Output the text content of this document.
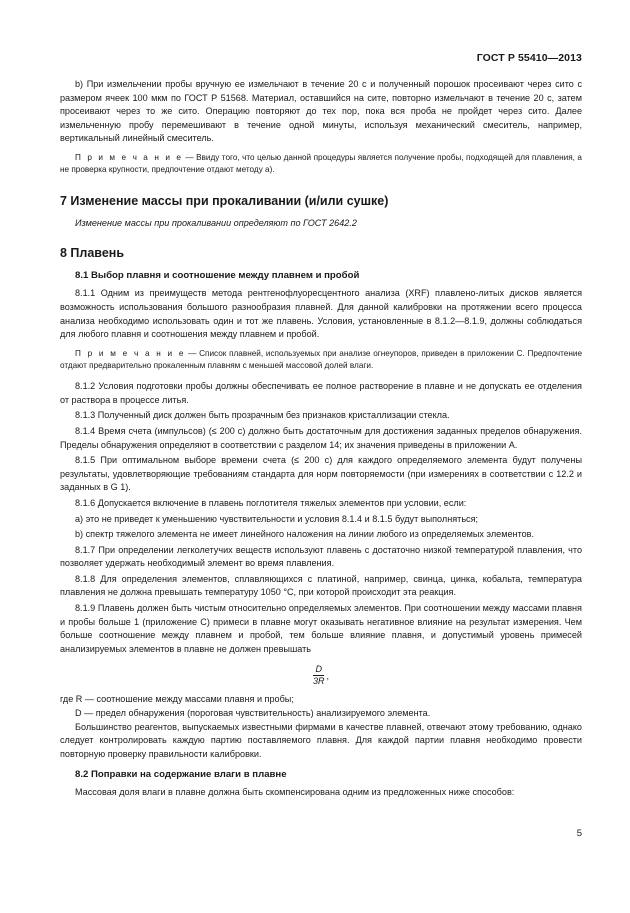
ГОСТ Р 55410—2013

b) При измельчении пробы вручную ее измельчают в течение 20 с и полученный порошок просеивают через сито с размером ячеек 100 мкм по ГОСТ Р 51568. Материал, оставшийся на сите, повторно измельчают в течение 20 с, затем просеивают через то же сито. Операцию повторяют до тех пор, пока вся проба не пройдет через сито. Далее измельченную пробу перемешивают в течение одной минуты, используя механический смеситель, например, вертикальный линейный смеситель.

П р и м е ч а н и е — Ввиду того, что целью данной процедуры является получение пробы, подходящей для плавления, а не проверка крупности, предпочтение отдают методу а).

7 Изменение массы при прокаливании (и/или сушке)

Изменение массы при прокаливании определяют по ГОСТ 2642.2

8 Плавень
8.1 Выбор плавня и соотношение между плавнем и пробой

8.1.1 Одним из преимуществ метода рентгенофлуоресцентного анализа (XRF) плавлено-литых дисков является возможность использования большого разнообразия плавней. Для данной калибровки на протяжении всего процесса анализа необходимо использовать один и тот же плавень. Условия, установленные в 8.1.2—8.1.9, должны соблюдаться для любого плавня и соотношения между плавнем и пробой.

П р и м е ч а н и е — Список плавней, используемых при анализе огнеупоров, приведен в приложении С. Предпочтение отдают предварительно прокаленным плавням с меньшей массовой долей влаги.

8.1.2 Условия подготовки пробы должны обеспечивать ее полное растворение в плавне и не допускать ее отделения от раствора в процессе литья.

8.1.3 Полученный диск должен быть прозрачным без признаков кристаллизации стекла.

8.1.4 Время счета (импульсов) (≤ 200 с) должно быть достаточным для достижения заданных пределов обнаружения. Пределы обнаружения определяют в соответствии с разделом 14; их значения приведены в приложении А.

8.1.5 При оптимальном выборе времени счета (≤ 200 с) для каждого определяемого элемента будут получены результаты, удовлетворяющие требованиям стандарта для норм повторяемости (при измерениях в соответствии с 12.2 и заданных в G 1).

8.1.6 Допускается включение в плавень поглотителя тяжелых элементов при условии, если:

а) это не приведет к уменьшению чувствительности и условия 8.1.4 и 8.1.5 будут выполняться;

b) спектр тяжелого элемента не имеет линейного наложения на линии любого из определяемых элементов.

8.1.7 При определении легколетучих веществ используют плавень с достаточно низкой температурой плавления, что позволяет удержать необходимый элемент во время плавления.

8.1.8 Для определения элементов, сплавляющихся с платиной, например, свинца, цинка, кобальта, температура плавления не должна превышать температуру 1050 °C, при которой происходит эта реакция.

8.1.9 Плавень должен быть чистым относительно определяемых элементов. При соотношении между массами плавня и пробы больше 1 (приложение С) примеси в плавне могут оказывать негативное влияние на результат измерения. Чем больше соотношение между плавнем и пробой, тем больше влияние плавня, и допустимый уровень примесей анализируемых элементов в плавне не должен превышать

$\frac{D}{3R}$ ,

где R — соотношение между массами плавня и пробы;

D — предел обнаружения (пороговая чувствительность) анализируемого элемента.

Большинство реагентов, выпускаемых известными фирмами в качестве плавней, отвечают этому требованию, однако следует контролировать каждую партию поставляемого плавня. Для каждой партии плавня необходимо провести повторную проверку правильности калибровки.

8.2 Поправки на содержание влаги в плавне

Массовая доля влаги в плавне должна быть скомпенсирована одним из предложенных ниже способов:

5
